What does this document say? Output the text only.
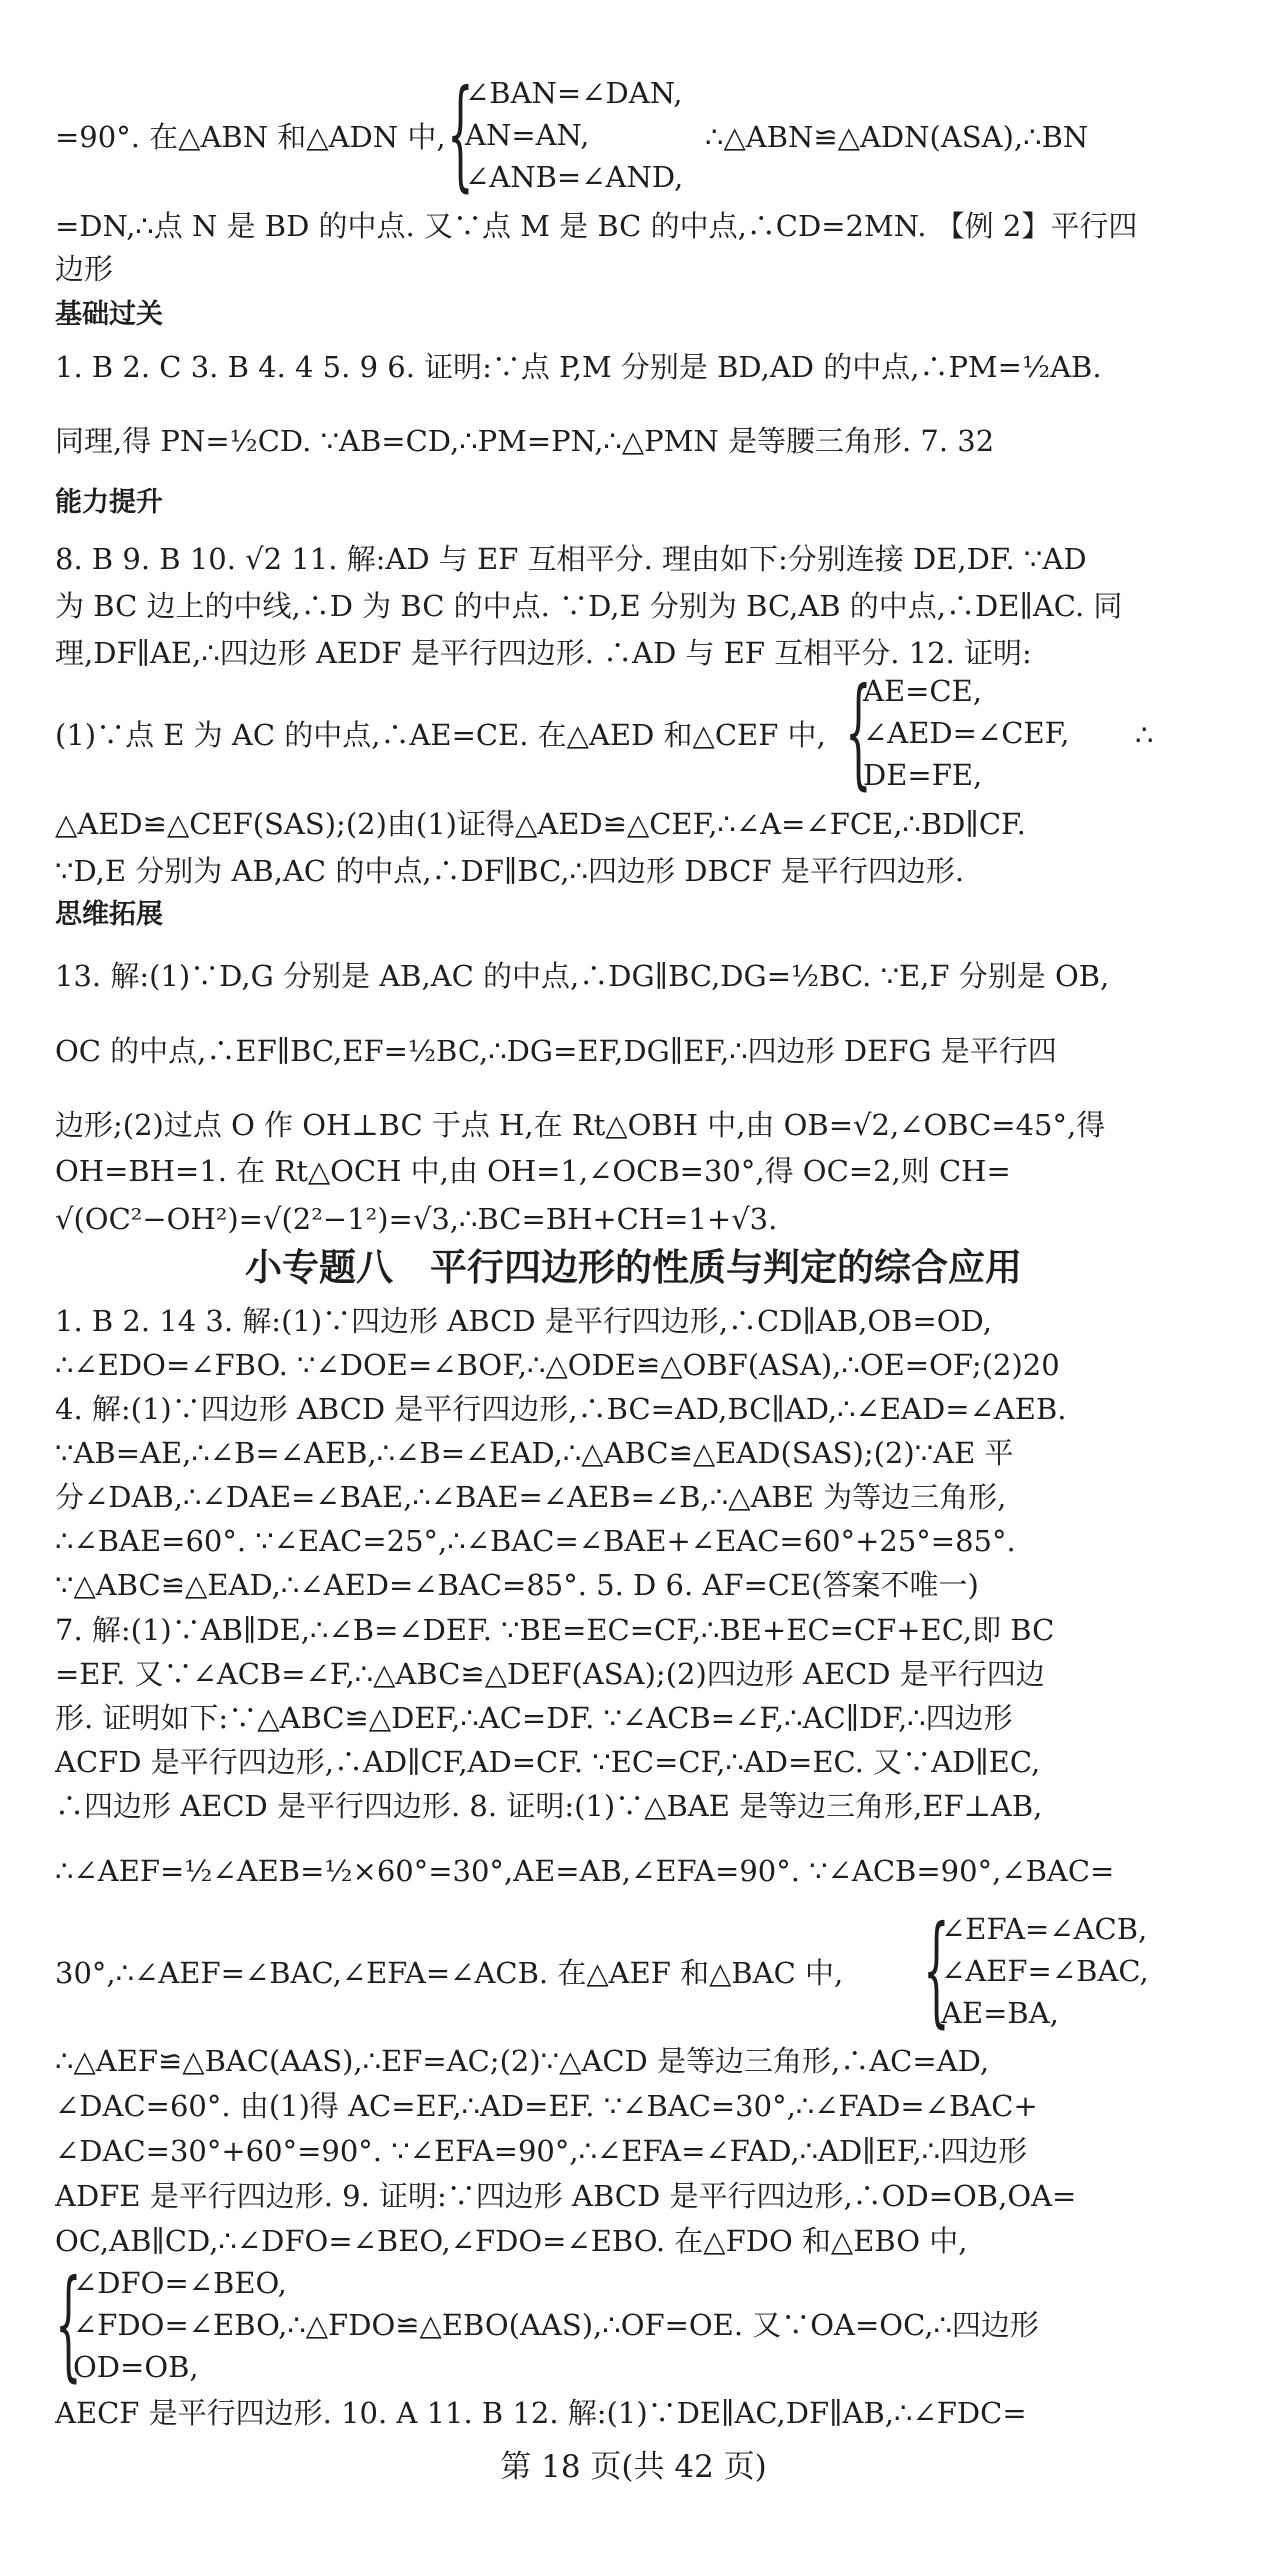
=90°. 在△ABN 和△ADN 中, {
∠BAN=∠DAN,
AN=AN,
∠ANB=∠AND,
∴△ABN≌△ADN(ASA),∴BN
=DN,∴点 N 是 BD 的中点. 又∵点 M 是 BC 的中点,∴CD=2MN. 【例 2】平行四
边形
基础过关
1. B 2. C 3. B 4. 4 5. 9 6. 证明:∵点 P,M 分别是 BD,AD 的中点,∴PM=½AB.
同理,得 PN=½CD. ∵AB=CD,∴PM=PN,∴△PMN 是等腰三角形. 7. 32
能力提升
8. B 9. B 10. √2 11. 解:AD 与 EF 互相平分. 理由如下:分别连接 DE,DF. ∵AD
为 BC 边上的中线,∴D 为 BC 的中点. ∵D,E 分别为 BC,AB 的中点,∴DE∥AC. 同
理,DF∥AE,∴四边形 AEDF 是平行四边形. ∴AD 与 EF 互相平分. 12. 证明:
(1)∵点 E 为 AC 的中点,∴AE=CE. 在△AED 和△CEF 中, {
AE=CE,
∠AED=∠CEF,
DE=FE,
∴
△AED≌△CEF(SAS);(2)由(1)证得△AED≌△CEF,∴∠A=∠FCE,∴BD∥CF.
∵D,E 分别为 AB,AC 的中点,∴DF∥BC,∴四边形 DBCF 是平行四边形.
思维拓展
13. 解:(1)∵D,G 分别是 AB,AC 的中点,∴DG∥BC,DG=½BC. ∵E,F 分别是 OB,
OC 的中点,∴EF∥BC,EF=½BC,∴DG=EF,DG∥EF,∴四边形 DEFG 是平行四
边形;(2)过点 O 作 OH⊥BC 于点 H,在 Rt△OBH 中,由 OB=√2,∠OBC=45°,得
OH=BH=1. 在 Rt△OCH 中,由 OH=1,∠OCB=30°,得 OC=2,则 CH=
√(OC²−OH²)=√(2²−1²)=√3,∴BC=BH+CH=1+√3.
小专题八　平行四边形的性质与判定的综合应用
1. B 2. 14 3. 解:(1)∵四边形 ABCD 是平行四边形,∴CD∥AB,OB=OD,
∴∠EDO=∠FBO. ∵∠DOE=∠BOF,∴△ODE≌△OBF(ASA),∴OE=OF;(2)20
4. 解:(1)∵四边形 ABCD 是平行四边形,∴BC=AD,BC∥AD,∴∠EAD=∠AEB.
∵AB=AE,∴∠B=∠AEB,∴∠B=∠EAD,∴△ABC≌△EAD(SAS);(2)∵AE 平
分∠DAB,∴∠DAE=∠BAE,∴∠BAE=∠AEB=∠B,∴△ABE 为等边三角形,
∴∠BAE=60°. ∵∠EAC=25°,∴∠BAC=∠BAE+∠EAC=60°+25°=85°.
∵△ABC≌△EAD,∴∠AED=∠BAC=85°. 5. D 6. AF=CE(答案不唯一)
7. 解:(1)∵AB∥DE,∴∠B=∠DEF. ∵BE=EC=CF,∴BE+EC=CF+EC,即 BC
=EF. 又∵∠ACB=∠F,∴△ABC≌△DEF(ASA);(2)四边形 AECD 是平行四边
形. 证明如下:∵△ABC≌△DEF,∴AC=DF. ∵∠ACB=∠F,∴AC∥DF,∴四边形
ACFD 是平行四边形,∴AD∥CF,AD=CF. ∵EC=CF,∴AD=EC. 又∵AD∥EC,
∴四边形 AECD 是平行四边形. 8. 证明:(1)∵△BAE 是等边三角形,EF⊥AB,
∴∠AEF=½∠AEB=½×60°=30°,AE=AB,∠EFA=90°. ∵∠ACB=90°,∠BAC=
30°,∴∠AEF=∠BAC,∠EFA=∠ACB. 在△AEF 和△BAC 中, {
∠EFA=∠ACB,
∠AEF=∠BAC,
AE=BA,
∴△AEF≌△BAC(AAS),∴EF=AC;(2)∵△ACD 是等边三角形,∴AC=AD,
∠DAC=60°. 由(1)得 AC=EF,∴AD=EF. ∵∠BAC=30°,∴∠FAD=∠BAC+
∠DAC=30°+60°=90°. ∵∠EFA=90°,∴∠EFA=∠FAD,∴AD∥EF,∴四边形
ADFE 是平行四边形. 9. 证明:∵四边形 ABCD 是平行四边形,∴OD=OB,OA=
OC,AB∥CD,∴∠DFO=∠BEO,∠FDO=∠EBO. 在△FDO 和△EBO 中,
{
∠DFO=∠BEO,
∠FDO=∠EBO,∴△FDO≌△EBO(AAS),∴OF=OE. 又∵OA=OC,∴四边形
OD=OB,
AECF 是平行四边形. 10. A 11. B 12. 解:(1)∵DE∥AC,DF∥AB,∴∠FDC=
第 18 页(共 42 页)
